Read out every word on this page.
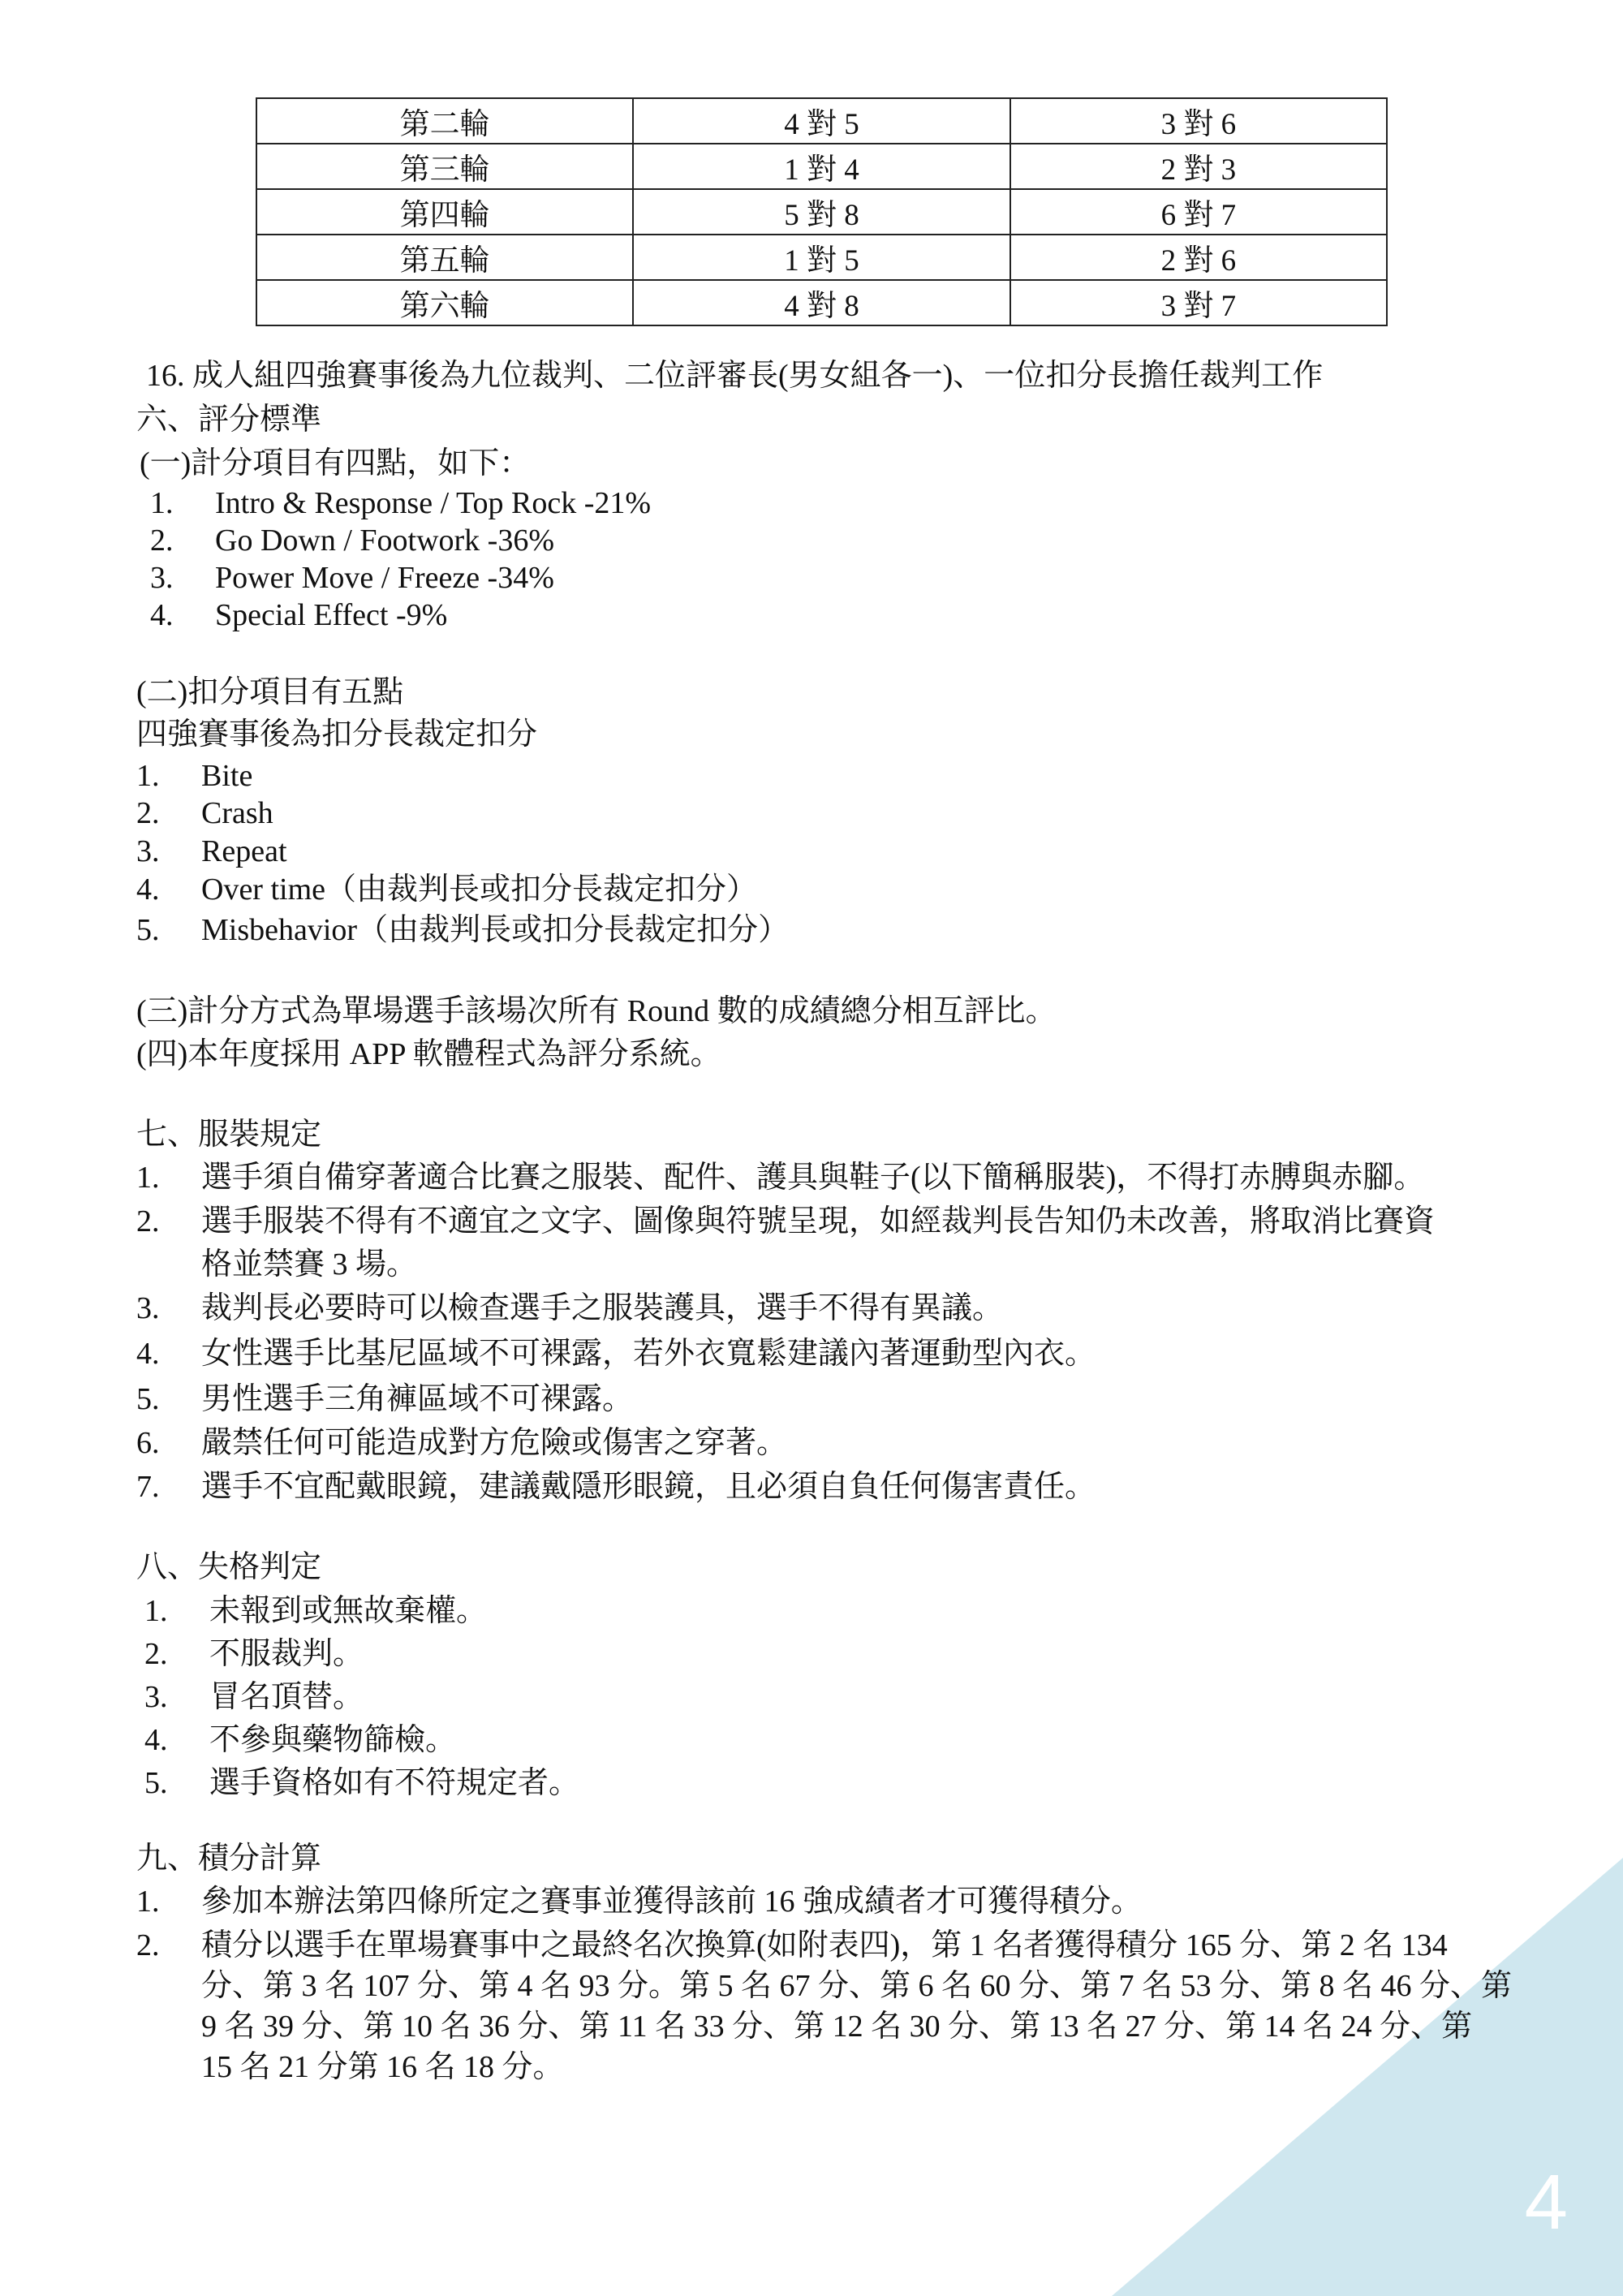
4
第二輪	4 對 5	3 對 6
第三輪	1 對 4	2 對 3
第四輪	5 對 8	6 對 7
第五輪	1 對 5	2 對 6
第六輪	4 對 8	3 對 7
16. 成人組四強賽事後為九位裁判、二位評審長(男女組各一)、一位扣分長擔任裁判工作
六、評分標準
(一)計分項目有四點，如下：
1. Intro & Response / Top Rock -21%
2. Go Down / Footwork -36%
3. Power Move / Freeze -34%
4. Special Effect -9%
(二)扣分項目有五點
四強賽事後為扣分長裁定扣分
1. Bite
2. Crash
3. Repeat
4. Over time（由裁判長或扣分長裁定扣分）
5. Misbehavior（由裁判長或扣分長裁定扣分）
(三)計分方式為單場選手該場次所有 Round 數的成績總分相互評比。
(四)本年度採用 APP 軟體程式為評分系統。
七、服裝規定
1. 選手須自備穿著適合比賽之服裝、配件、護具與鞋子(以下簡稱服裝)，不得打赤膊與赤腳。
2. 選手服裝不得有不適宜之文字、圖像與符號呈現，如經裁判長告知仍未改善，將取消比賽資
格並禁賽 3 場。
3. 裁判長必要時可以檢查選手之服裝護具，選手不得有異議。
4. 女性選手比基尼區域不可裸露，若外衣寬鬆建議內著運動型內衣。
5. 男性選手三角褲區域不可裸露。
6. 嚴禁任何可能造成對方危險或傷害之穿著。
7. 選手不宜配戴眼鏡，建議戴隱形眼鏡，且必須自負任何傷害責任。
八、失格判定
1. 未報到或無故棄權。
2. 不服裁判。
3. 冒名頂替。
4. 不參與藥物篩檢。
5. 選手資格如有不符規定者。
九、積分計算
1. 參加本辦法第四條所定之賽事並獲得該前 16 強成績者才可獲得積分。
2. 積分以選手在單場賽事中之最終名次換算(如附表四)，第 1 名者獲得積分 165 分、第 2 名 134
分、第 3 名 107 分、第 4 名 93 分。第 5 名 67 分、第 6 名 60 分、第 7 名 53 分、第 8 名 46 分、第
9 名 39 分、第 10 名 36 分、第 11 名 33 分、第 12 名 30 分、第 13 名 27 分、第 14 名 24 分、第
15 名 21 分第 16 名 18 分。
